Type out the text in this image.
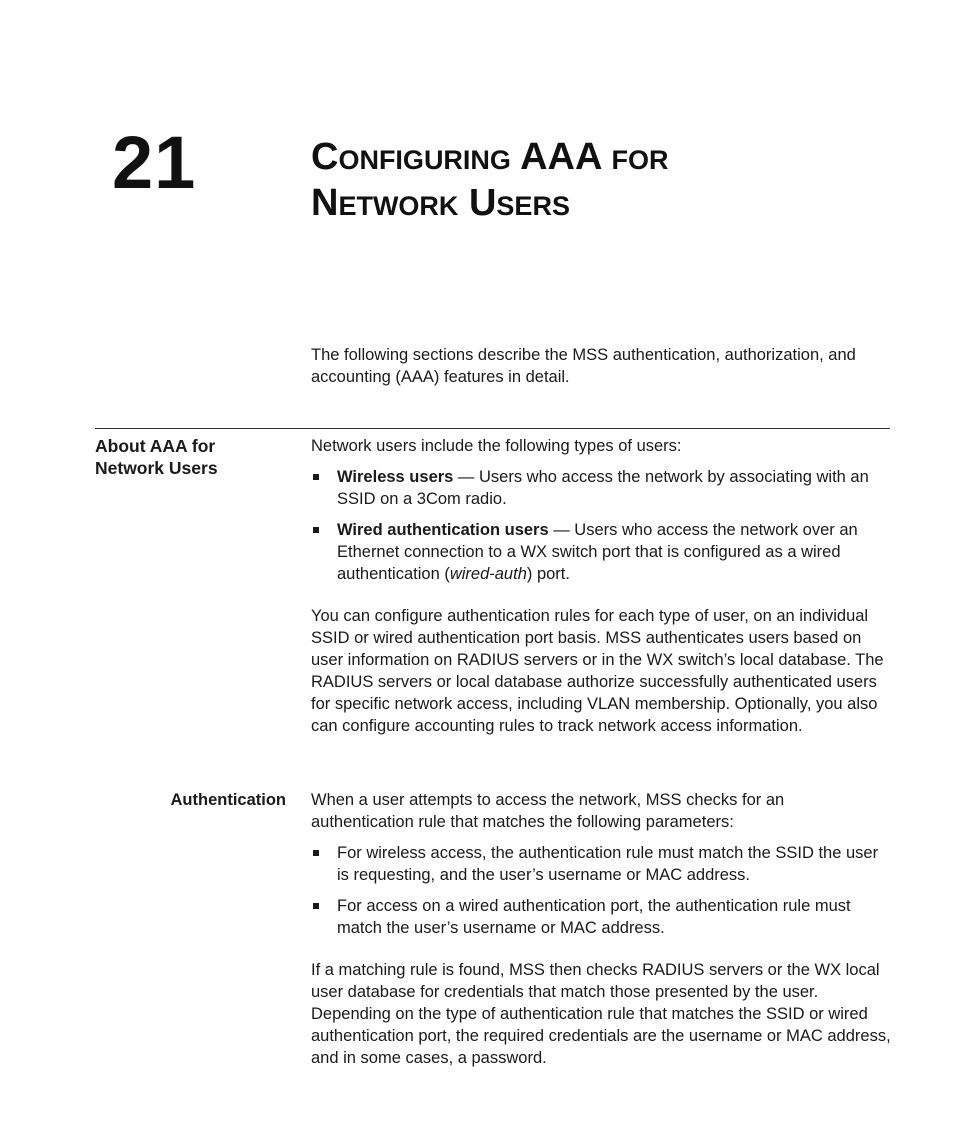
21	Configuring AAA for
Network Users

The following sections describe the MSS authentication, authorization, and accounting (AAA) features in detail.

About AAA for Network Users

Network users include the following types of users:

Wireless users — Users who access the network by associating with an SSID on a 3Com radio.
Wired authentication users — Users who access the network over an Ethernet connection to a WX switch port that is configured as a wired authentication (wired-auth) port.

You can configure authentication rules for each type of user, on an individual SSID or wired authentication port basis. MSS authenticates users based on user information on RADIUS servers or in the WX switch’s local database. The RADIUS servers or local database authorize successfully authenticated users for specific network access, including VLAN membership. Optionally, you also can configure accounting rules to track network access information.

Authentication When a user attempts to access the network, MSS checks for an authentication rule that matches the following parameters:

For wireless access, the authentication rule must match the SSID the user is requesting, and the user’s username or MAC address.
For access on a wired authentication port, the authentication rule must match the user’s username or MAC address.

If a matching rule is found, MSS then checks RADIUS servers or the WX local user database for credentials that match those presented by the user. Depending on the type of authentication rule that matches the SSID or wired authentication port, the required credentials are the username or MAC address, and in some cases, a password.
